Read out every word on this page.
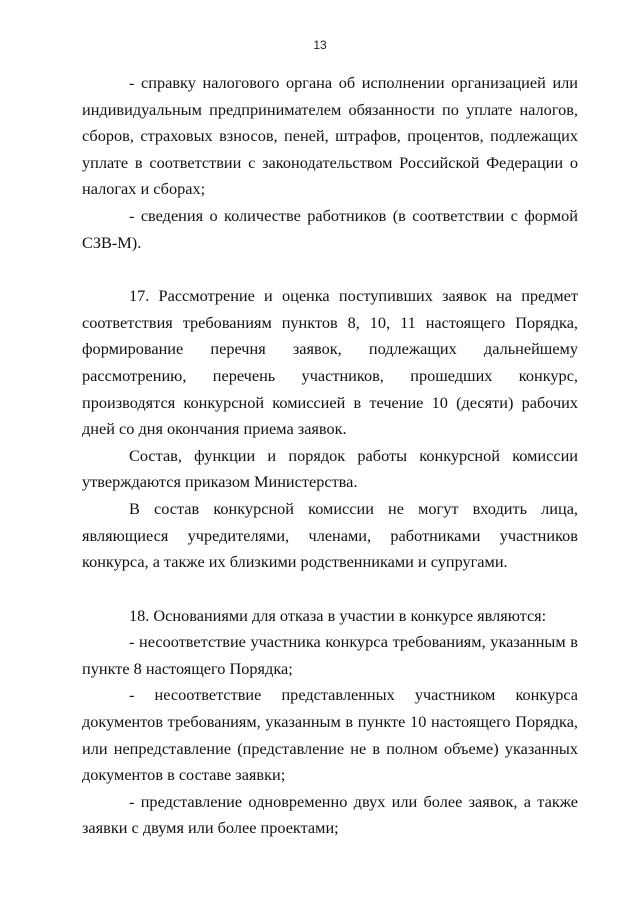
13

- справку налогового органа об исполнении организацией или индивидуальным предпринимателем обязанности по уплате налогов, сборов, страховых взносов, пеней, штрафов, процентов, подлежащих уплате в соответствии с законодательством Российской Федерации о налогах и сборах;

- сведения о количестве работников (в соответствии с формой СЗВ-М).

17. Рассмотрение и оценка поступивших заявок на предмет соответствия требованиям пунктов 8, 10, 11 настоящего Порядка, формирование перечня заявок, подлежащих дальнейшему рассмотрению, перечень участников, прошедших конкурс, производятся конкурсной комиссией в течение 10 (десяти) рабочих дней со дня окончания приема заявок.

Состав, функции и порядок работы конкурсной комиссии утверждаются приказом Министерства.

В состав конкурсной комиссии не могут входить лица, являющиеся учредителями, членами, работниками участников конкурса, а также их близкими родственниками и супругами.

18. Основаниями для отказа в участии в конкурсе являются:

- несоответствие участника конкурса требованиям, указанным в пункте 8 настоящего Порядка;

- несоответствие представленных участником конкурса документов требованиям, указанным в пункте 10 настоящего Порядка, или непредставление (представление не в полном объеме) указанных документов в составе заявки;

- представление одновременно двух или более заявок, а также заявки с двумя или более проектами;
